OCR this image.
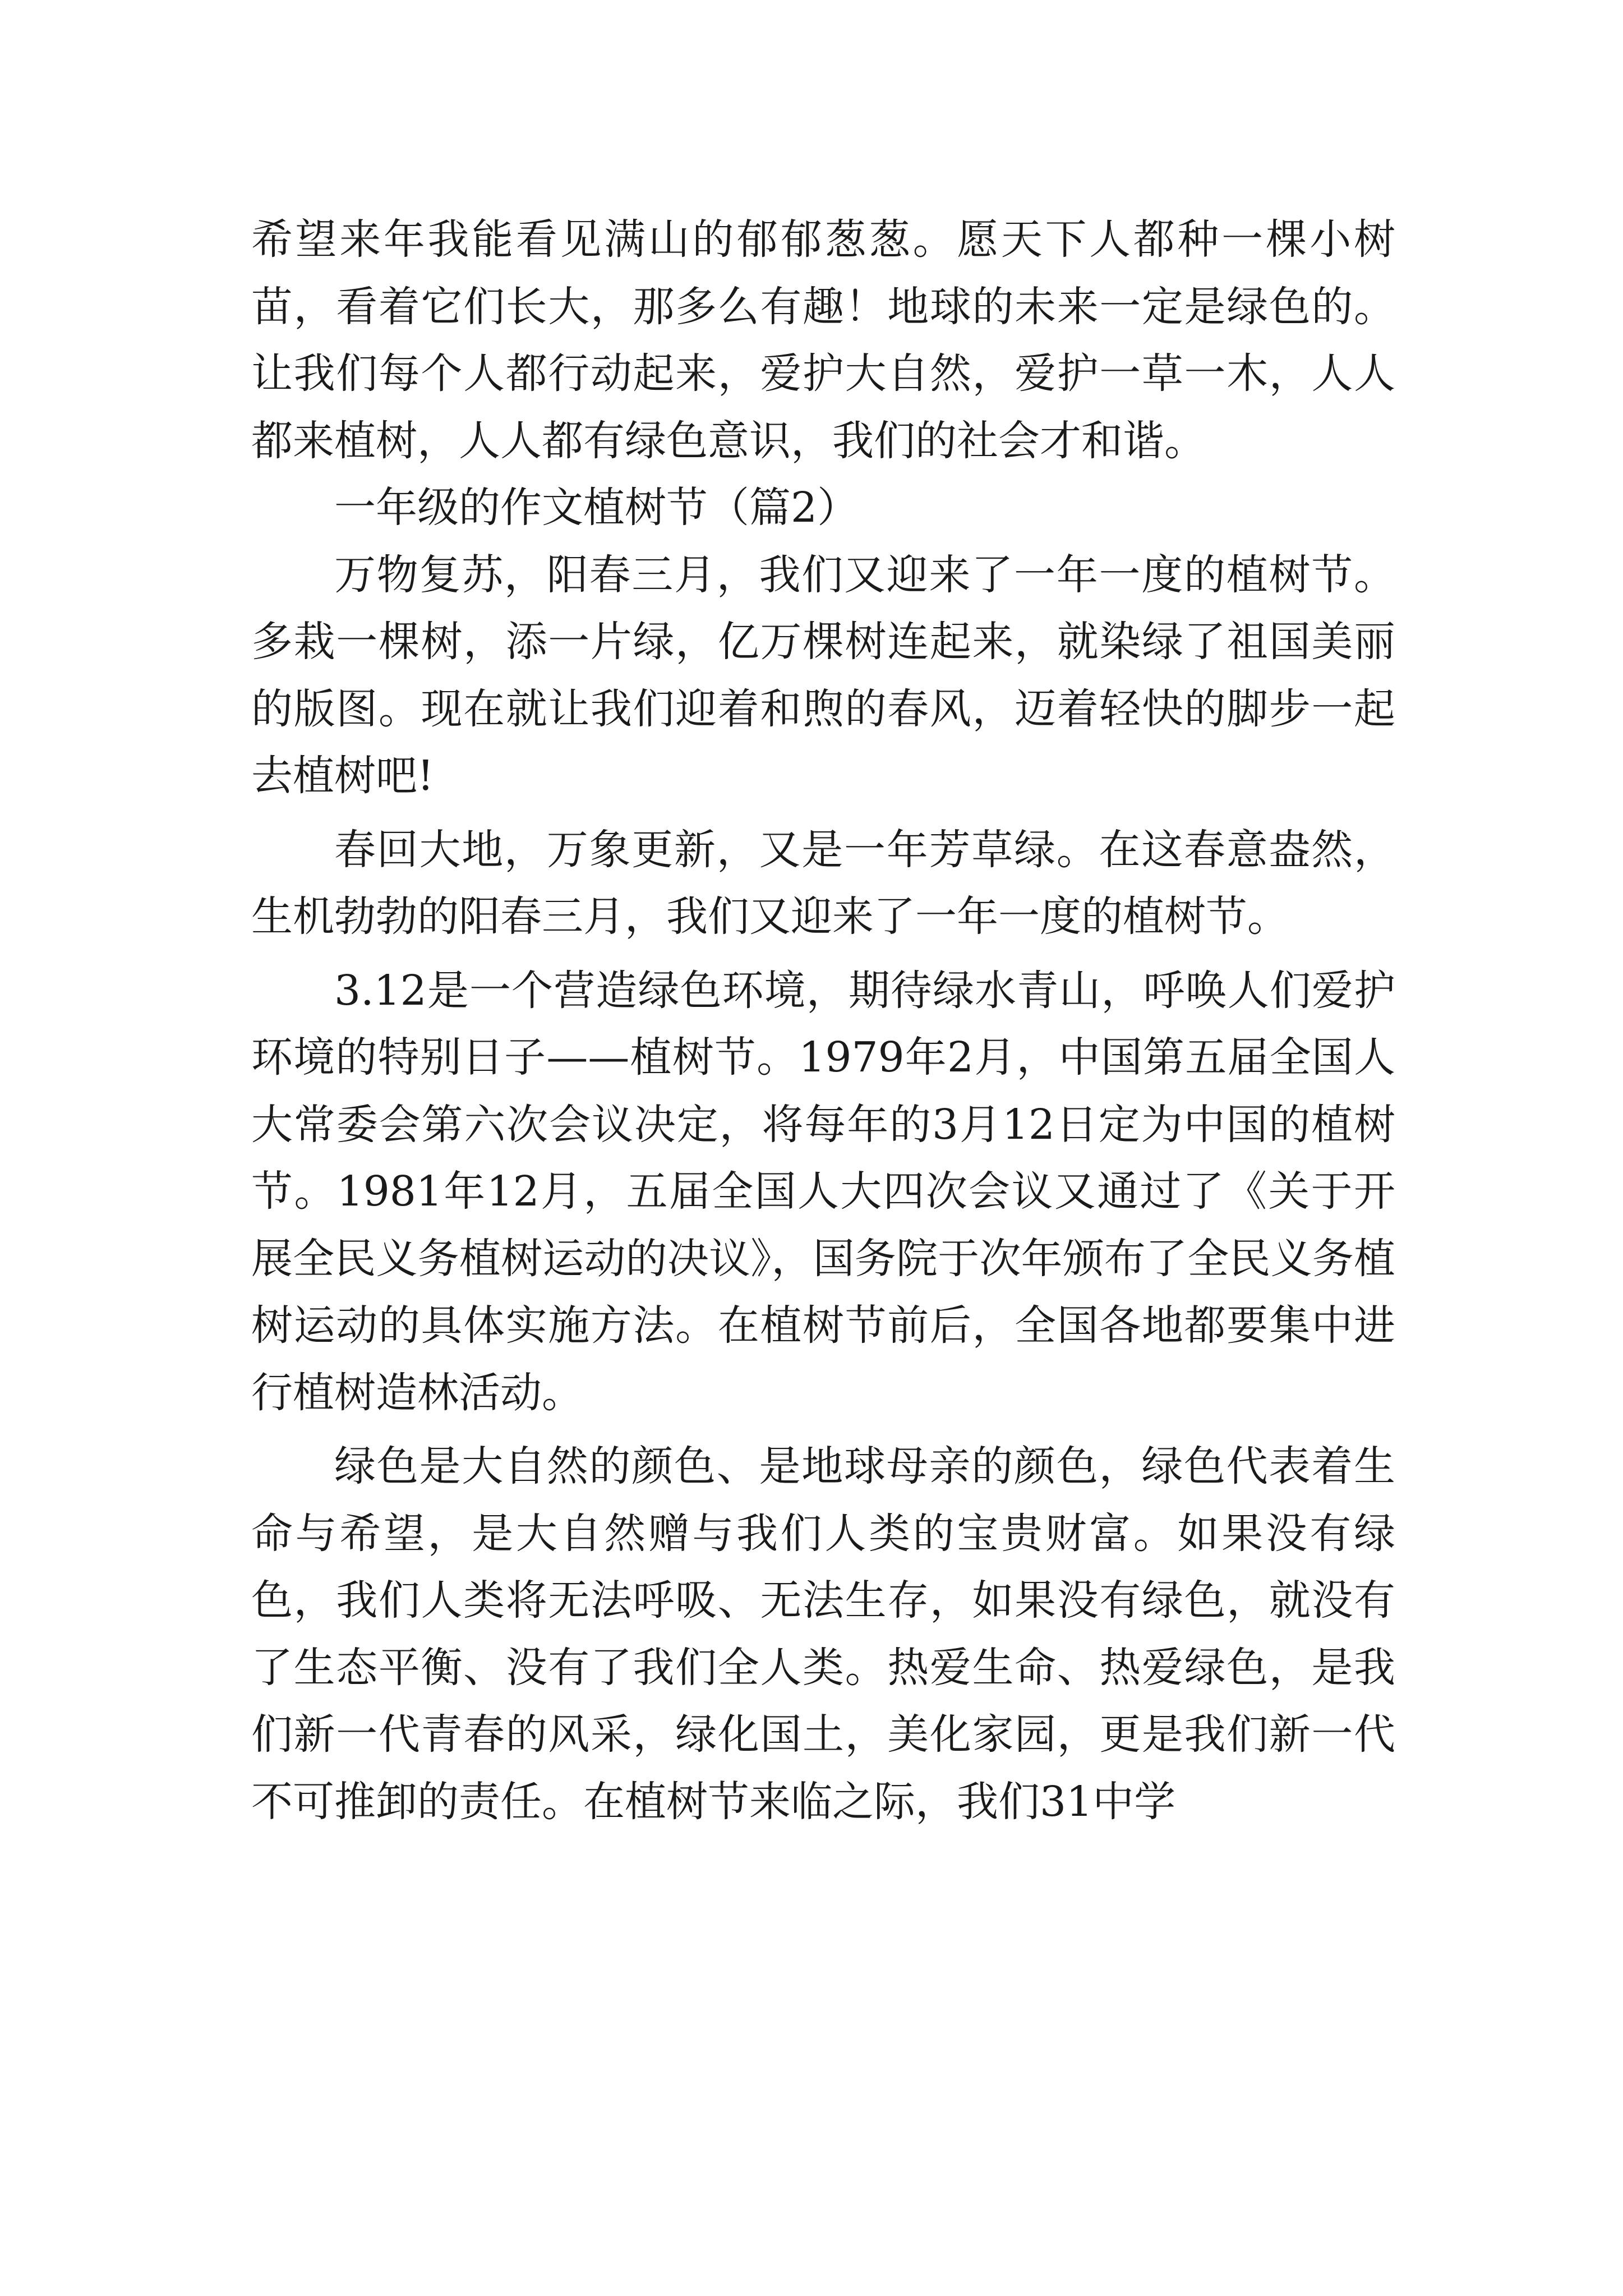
希望来年我能看见满山的郁郁葱葱。愿天下人都种一棵小树苗，看着它们长大，那多么有趣！地球的未来一定是绿色的。让我们每个人都行动起来，爱护大自然，爱护一草一木，人人都来植树，人人都有绿色意识，我们的社会才和谐。

一年级的作文植树节（篇2）

万物复苏，阳春三月，我们又迎来了一年一度的植树节。多栽一棵树，添一片绿，亿万棵树连起来，就染绿了祖国美丽的版图。现在就让我们迎着和煦的春风，迈着轻快的脚步一起去植树吧!

春回大地，万象更新，又是一年芳草绿。在这春意盎然，生机勃勃的阳春三月，我们又迎来了一年一度的植树节。

3.12是一个营造绿色环境，期待绿水青山，呼唤人们爱护环境的特别日子——植树节。1979年2月，中国第五届全国人大常委会第六次会议决定，将每年的3月12日定为中国的植树节。1981年12月，五届全国人大四次会议又通过了《关于开展全民义务植树运动的决议》，国务院于次年颁布了全民义务植树运动的具体实施方法。在植树节前后，全国各地都要集中进行植树造林活动。

绿色是大自然的颜色、是地球母亲的颜色，绿色代表着生命与希望，是大自然赠与我们人类的宝贵财富。如果没有绿色，我们人类将无法呼吸、无法生存，如果没有绿色，就没有了生态平衡、没有了我们全人类。热爱生命、热爱绿色，是我们新一代青春的风采，绿化国土，美化家园，更是我们新一代不可推卸的责任。在植树节来临之际，我们31中学
